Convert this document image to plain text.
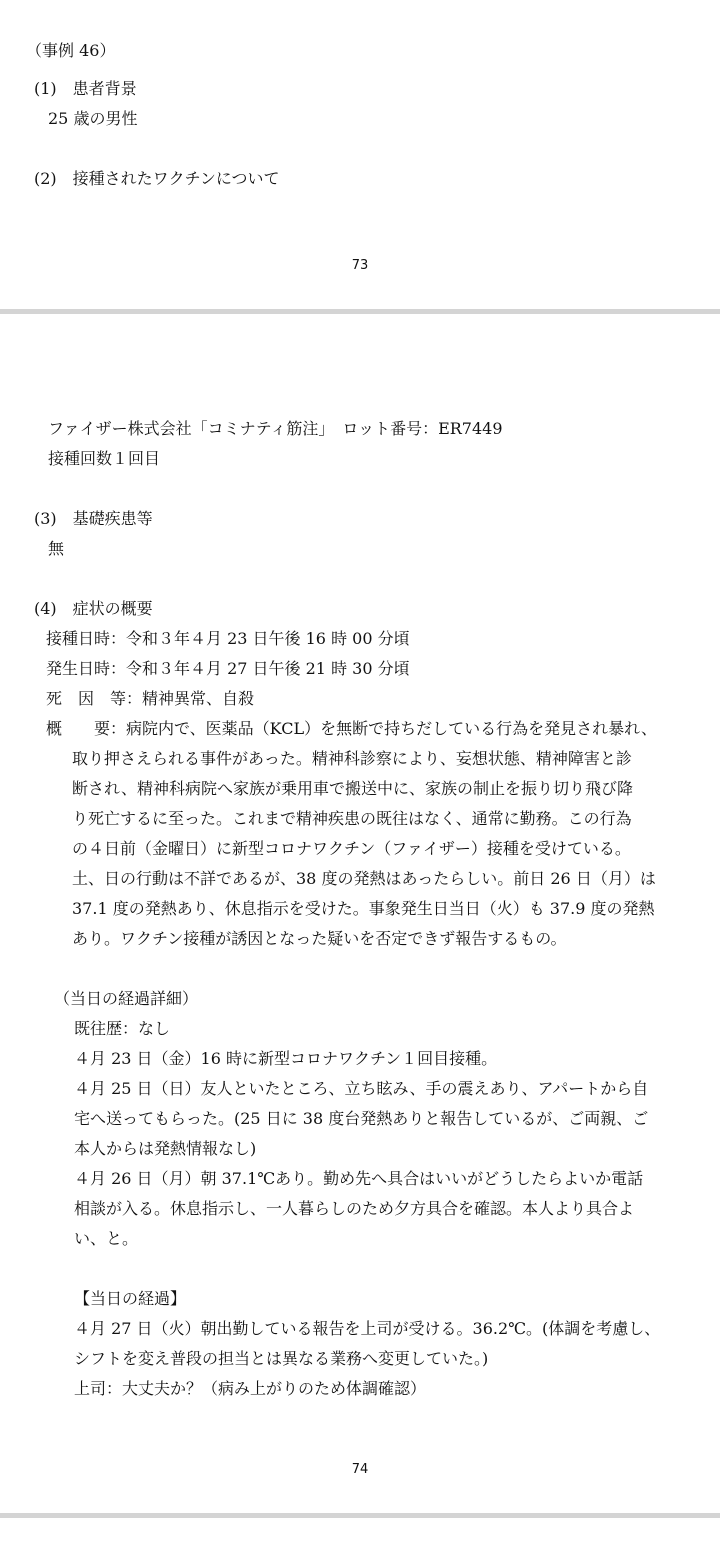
（事例 46）
(1)　患者背景
25 歳の男性
(2)　接種されたワクチンについて
73
ファイザー株式会社「コミナティ筋注」　ロット番号：ER7449
接種回数１回目
(3)　基礎疾患等
無
(4)　症状の概要
接種日時：令和３年４月 23 日午後 16 時 00 分頃
発生日時：令和３年４月 27 日午後 21 時 30 分頃
死　因　等：精神異常、自殺
概　　要：病院内で、医薬品（KCL）を無断で持ちだしている行為を発見され暴れ、
取り押さえられる事件があった。精神科診察により、妄想状態、精神障害と診
断され、精神科病院へ家族が乗用車で搬送中に、家族の制止を振り切り飛び降
り死亡するに至った。これまで精神疾患の既往はなく、通常に勤務。この行為
の４日前（金曜日）に新型コロナワクチン（ファイザー）接種を受けている。
土、日の行動は不詳であるが、38 度の発熱はあったらしい。前日 26 日（月）は
37.1 度の発熱あり、休息指示を受けた。事象発生日当日（火）も 37.9 度の発熱
あり。ワクチン接種が誘因となった疑いを否定できず報告するもの。
（当日の経過詳細）
既往歴：なし
４月 23 日（金）16 時に新型コロナワクチン１回目接種。
４月 25 日（日）友人といたところ、立ち眩み、手の震えあり、アパートから自
宅へ送ってもらった。(25 日に 38 度台発熱ありと報告しているが、ご両親、ご
本人からは発熱情報なし)
４月 26 日（月）朝 37.1℃あり。勤め先へ具合はいいがどうしたらよいか電話
相談が入る。休息指示し、一人暮らしのため夕方具合を確認。本人より具合よ
い、と。
【当日の経過】
４月 27 日（火）朝出勤している報告を上司が受ける。36.2℃。(体調を考慮し、
シフトを変え普段の担当とは異なる業務へ変更していた。)
上司：大丈夫か？（病み上がりのため体調確認）
74
